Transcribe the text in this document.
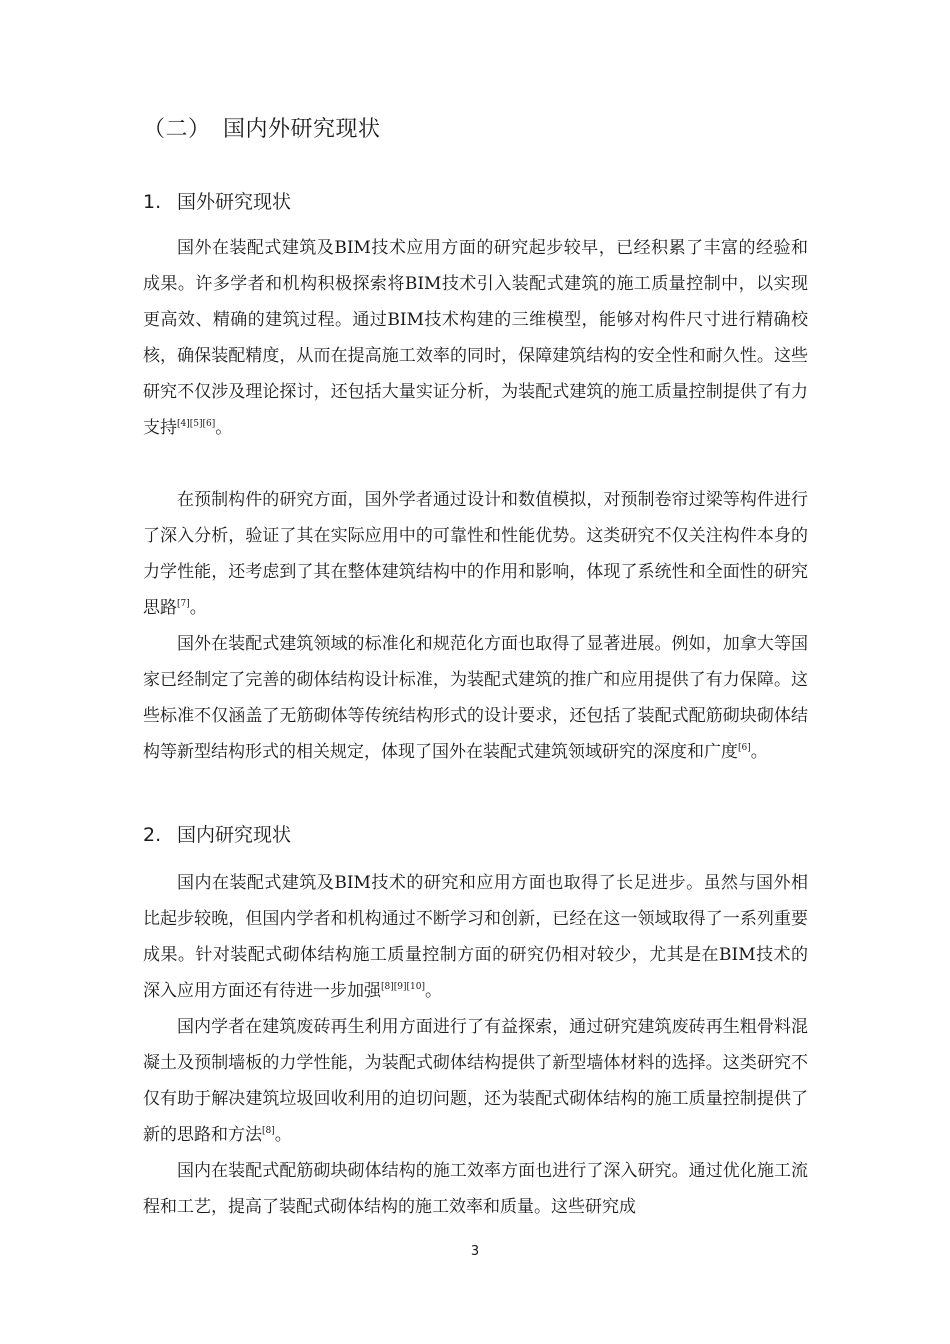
（二） 国内外研究现状
1. 国外研究现状

国外在装配式建筑及BIM技术应用方面的研究起步较早，已经积累了丰富的经验和成果。许多学者和机构积极探索将BIM技术引入装配式建筑的施工质量控制中，以实现更高效、精确的建筑过程。通过BIM技术构建的三维模型，能够对构件尺寸进行精确校核，确保装配精度，从而在提高施工效率的同时，保障建筑结构的安全性和耐久性。这些研究不仅涉及理论探讨，还包括大量实证分析，为装配式建筑的施工质量控制提供了有力支持[4][5][6]。

在预制构件的研究方面，国外学者通过设计和数值模拟，对预制卷帘过梁等构件进行了深入分析，验证了其在实际应用中的可靠性和性能优势。这类研究不仅关注构件本身的力学性能，还考虑到了其在整体建筑结构中的作用和影响，体现了系统性和全面性的研究思路[7]。

国外在装配式建筑领域的标准化和规范化方面也取得了显著进展。例如，加拿大等国家已经制定了完善的砌体结构设计标准，为装配式建筑的推广和应用提供了有力保障。这些标准不仅涵盖了无筋砌体等传统结构形式的设计要求，还包括了装配式配筋砌块砌体结构等新型结构形式的相关规定，体现了国外在装配式建筑领域研究的深度和广度[6]。

2. 国内研究现状

国内在装配式建筑及BIM技术的研究和应用方面也取得了长足进步。虽然与国外相比起步较晚，但国内学者和机构通过不断学习和创新，已经在这一领域取得了一系列重要成果。针对装配式砌体结构施工质量控制方面的研究仍相对较少，尤其是在BIM技术的深入应用方面还有待进一步加强[8][9][10]。

国内学者在建筑废砖再生利用方面进行了有益探索，通过研究建筑废砖再生粗骨料混凝土及预制墙板的力学性能，为装配式砌体结构提供了新型墙体材料的选择。这类研究不仅有助于解决建筑垃圾回收利用的迫切问题，还为装配式砌体结构的施工质量控制提供了新的思路和方法[8]。

国内在装配式配筋砌块砌体结构的施工效率方面也进行了深入研究。通过优化施工流程和工艺，提高了装配式砌体结构的施工效率和质量。这些研究成

3
